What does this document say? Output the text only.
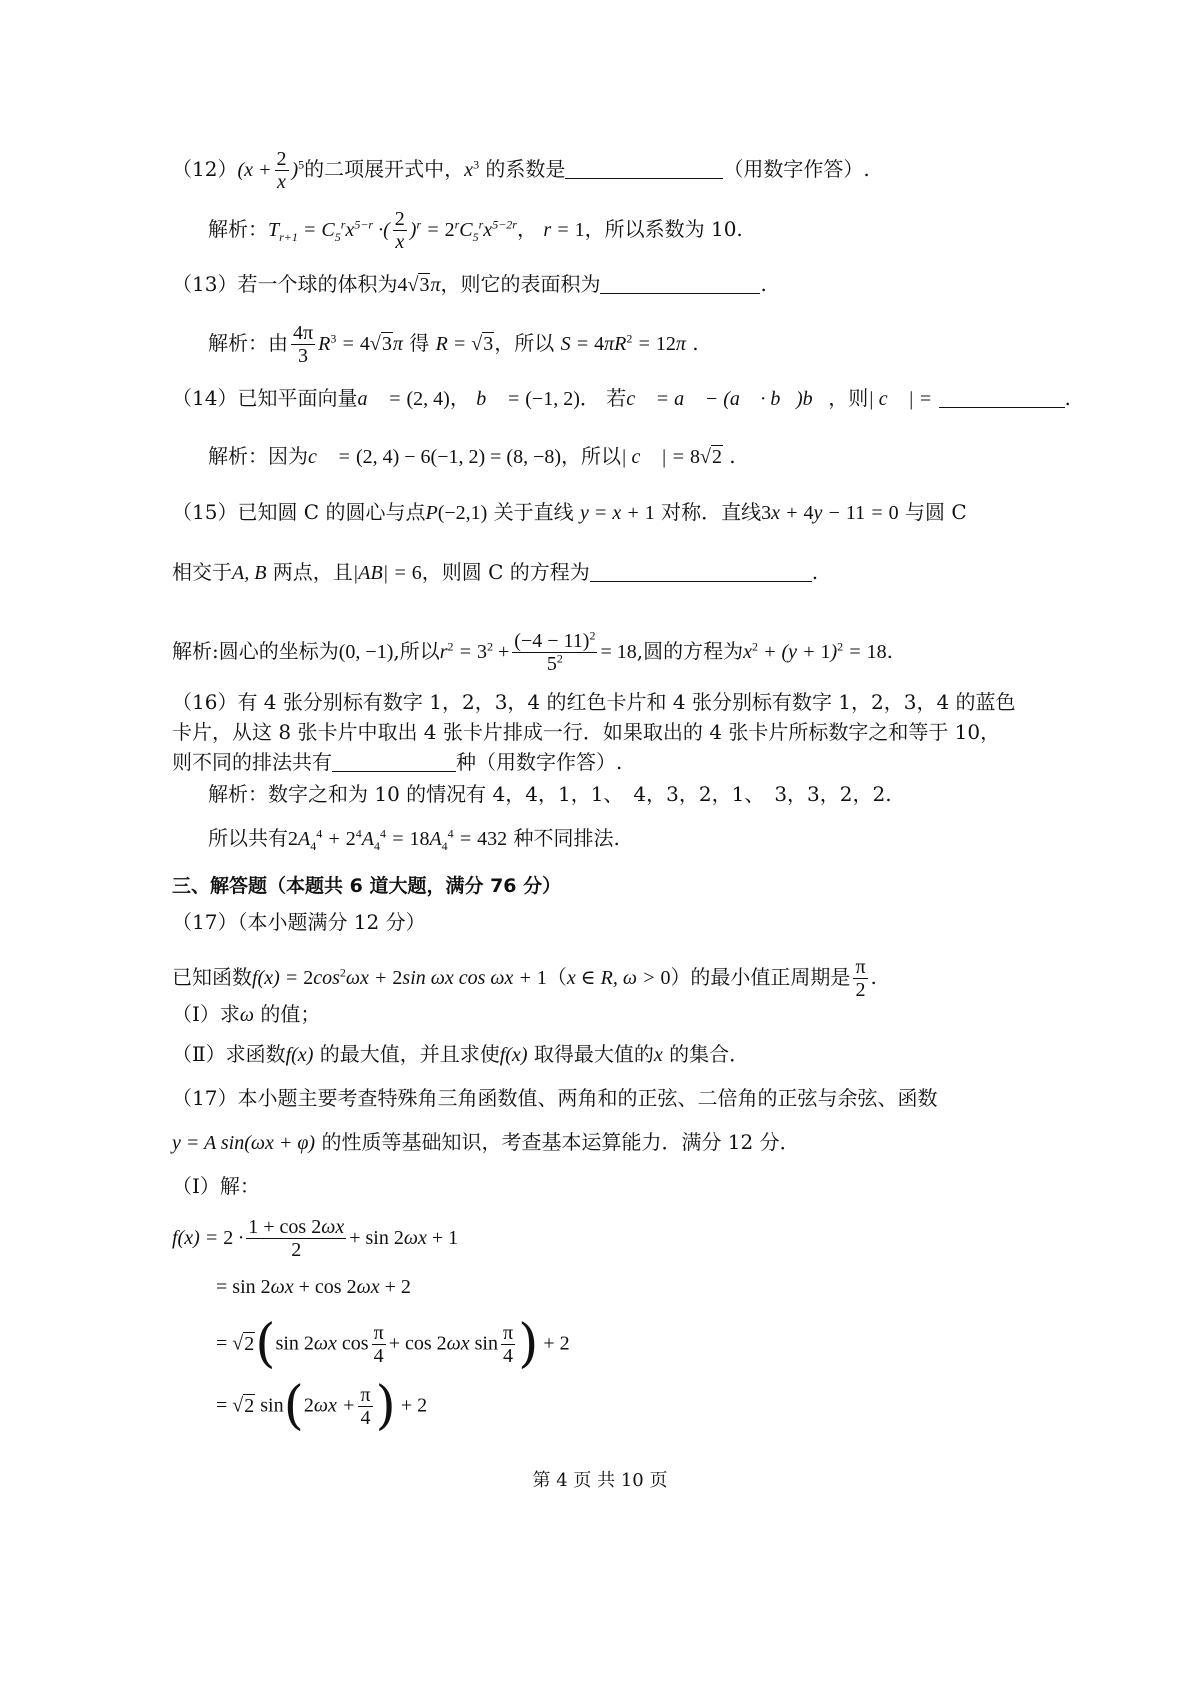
$(12)(x + \frac{2}{x} )^5$的二项展开式中，$x^3$ 的系数是	（用数字作答）.
解析：$T_{r+1} = C_5^rx^{5-r}$ ·( $\frac{2}{x} )^r = 2^rC_5^rx^{5-2r}$， r = 1，所以系数为 10.
（13）若一个球的体积为4√3π，则它的表面积为	.
解析：由 $\frac{4\pi}{3} R^3 = 4√3\pi$ 得 R = √3，所以 $S = 4\pi R^2 = 12\pi$ .
（14）已知平面向量a⃗ = (2, 4)， b⃗ = (−1, 2)． 若c⃗ = a⃗ − (a⃗ · b⃗)b⃗，则| c⃗ | =	.
解析：因为c⃗ = (2, 4) − 6(−1, 2) = (8, −8)，所以| c⃗ | = 8√2 .
（15）已知圆 C 的圆心与点P(−2,1) 关于直线 y = x + 1 对称．直线3x + 4y − 11 = 0 与圆 C
相交于A, B 两点，且|AB| = 6，则圆 C 的方程为	.
解析:圆心的坐标为(0, −1),所以$r^2 = 3^2 + \frac{(-4 - 11)^2}{5^2} = 18$,圆的方程为$x^2 + (y + 1)^2 = 18$.
（16）有 4 张分别标有数字 1，2，3，4 的红色卡片和 4 张分别标有数字 1，2，3，4 的蓝色
卡片，从这 8 张卡片中取出 4 张卡片排成一行．如果取出的 4 张卡片所标数字之和等于 10，
则不同的排法共有	种（用数字作答）.
解析：数字之和为 10 的情况有 4，4，1，1、　4，3，2，1、　3，3，2，2.
所以共有$2A_4^4 + 2^4A_4^4 = 18A_4^4 = 432$ 种不同排法.
三、解答题（本题共 6 道大题，满分 76 分）
（17）（本小题满分 12 分）
已知函数$f(x) = 2\cos^2\omega x + 2\sin$ ωx cos ωx + 1（x ∈ R, ω > 0）的最小值正周期是 $\frac{\pi}{2}$ .
（Ⅰ）求ω 的值；
（Ⅱ）求函数f(x) 的最大值，并且求使f(x) 取得最大值的x 的集合．
（17）本小题主要考查特殊角三角函数值、两角和的正弦、二倍角的正弦与余弦、函数
y = A sin(ωx + φ) 的性质等基础知识，考查基本运算能力．满分 12 分．
（Ⅰ）解：
$f(x) = 2 \cdot \frac{1 + \cos 2\omega x}{2} + \sin 2\omega x + 1$
= sin 2ωx + cos 2ωx + 2
= √2(sin 2ωx $\cos \frac{\pi}{4} + \cos 2\omega x$ $\sin \frac{\pi}{4}$ ) + 2
= √2 $\sin(2\omega x + \frac{\pi}{4}$ ) + 2
第 4 页 共 10 页
